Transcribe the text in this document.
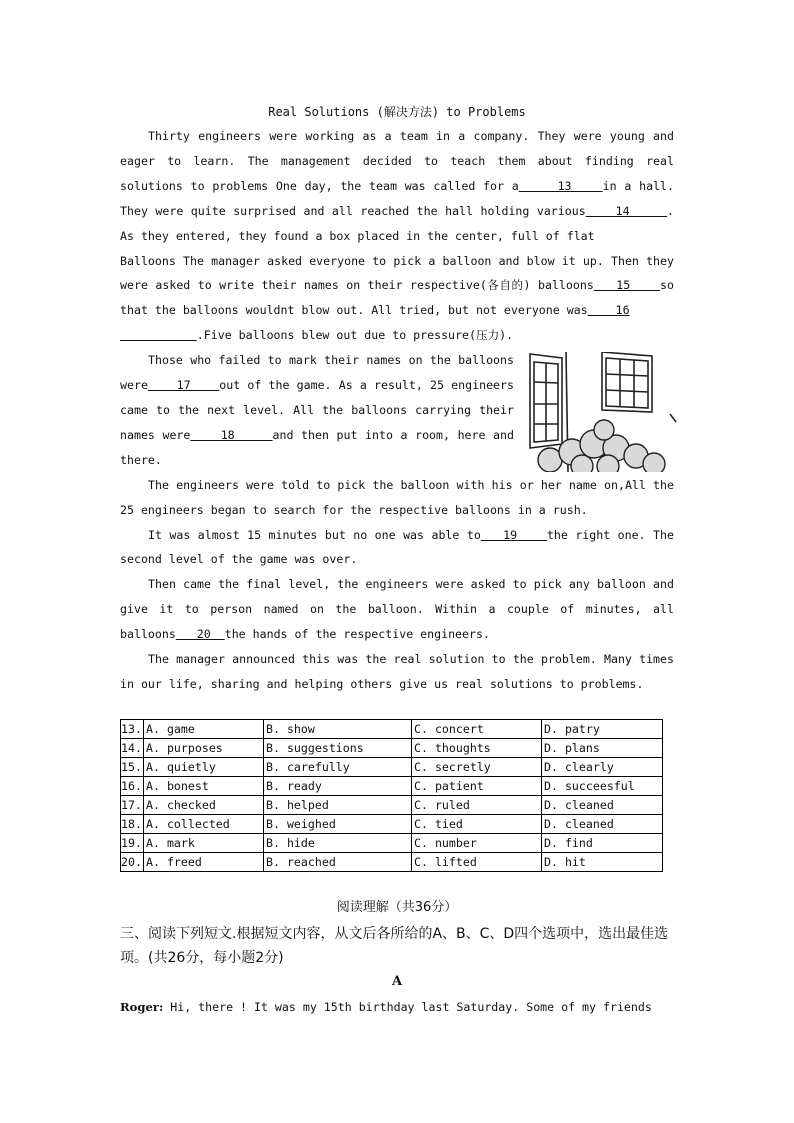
Real Solutions (解决方法) to Problems

Thirty engineers were working as a team in a company. They were young and eager to learn. The management decided to teach them about finding real solutions to problems One day, the team was called for a     13    in a hall. They were quite surprised and all reached the hall holding various    14     . As they entered, they found a box placed in the center, full of flat

Balloons The manager asked everyone to pick a balloon and blow it up. Then they were asked to write their names on their respective(各自的) balloons   15    so that the balloons wouldnt blow out. All tried, but not everyone was    16
.Five balloons blew out due to pressure(压力).

Those who failed to mark their names on the balloons were    17    out of the game. As a result, 25 engineers came to the next level. All the balloons carrying their names were    18     and then put into a room, here and there.

The engineers were told to pick the balloon with his or her name on,All the 25 engineers began to search for the respective balloons in a rush.

It was almost 15 minutes but no one was able to   19    the right one. The second level of the game was over.

Then came the final level, the engineers were asked to pick any balloon and give it to person named on the balloon. Within a couple of minutes, all balloons   20  the hands of the respective engineers.

The manager announced this was the real solution to the problem. Many times in our life, sharing and helping others give us real solutions to problems.

13.	A. game	B. show	C. concert	D. patry
14.	A. purposes	B. suggestions	C. thoughts	D. plans
15.	A. quietly	B. carefully	C. secretly	D. clearly
16.	A. bonest	B. ready	C. patient	D. succeesful
17.	A. checked	B. helped	C. ruled	D. cleaned
18.	A. collected	B. weighed	C. tied	D. cleaned
19.	A. mark	B. hide	C. number	D. find
20.	A. freed	B. reached	C. lifted	D. hit
阅读理解（共36分）
三、阅读下列短文.根据短文内容，从文后各所给的A、B、C、D四个选项中，选出最佳选项。(共26分，每小题2分)
A
Roger: Hi, there ! It was my 15th birthday last Saturday. Some of my friends
